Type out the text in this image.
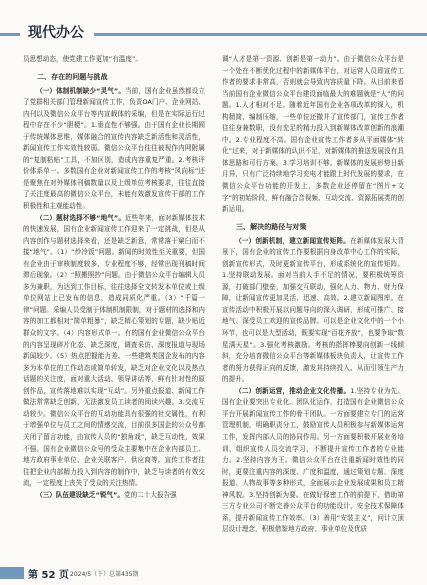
现代办公

员思想动态，使党建工作更加“有温度”。

二、存在的问题与挑战

（一）体制机制缺少“灵气”。当前，国有企业虽然都设立了党群相关部门管理新闻宣传工作，负责OA门户、企业网站、内刊以及微信公众平台等内宣载体的采编，但是在实际运行过程中存在不少“胆梗”。1.垂直性不够强。由于国有企业长期囿于传统媒体思维，媒体融合的宣传内容缺乏新活性和灵活性，新闻宣传工作实效性较弱。微信公众平台往往被视作内网附属的“复制粘贴”工具，不加区别，造成内容重复严重。2.考核评价体系单一。多数国有企业对新闻宣传工作的考核“风向标”还是聚焦在对外媒体刊稿数量以及上级单位考核要求，往往直接了关注度最高的微信公众平台，未能有效激发宣传干部的工作积极性和主观能动性。

（二）题材选择不够“地气”。近些年来，面对新媒体技术的快速发展，国有企业新闻宣传工作迎来了一定挑战，但是从内容创作与题材选择来看，还是缺乏新意，常常落于窠臼而不接“地气”。（1）“炒冷饭”问题。新闻的时效性至关重要，但国有企业由于审核制度较多、专业程度不够，经常出现刊稿时间滞后现象。（2）“照搬照抄”问题。由于微信公众平台编辑人员多为兼职，为达到工作目标，往往选择全文转发本单位或上级单位网站上已发布的信息，造成同质化严重。（3）“千篇一律”问题。采编人员受制于体制机制限制，对于题材的选择和内容的加工都相对“简单粗暴”，缺乏精心策划的专题，缺少贴近群众的文字。（4）内容形式单一。有的国有企业微信公众平台的内容呈现碎片化态、缺乏深度，调查采访、深度报道与现场新闻较少。（5）热点把握能力差。一些建筑类国企发布的内容多为本单位的工作动态或简单转发，缺乏对企业文化以及热点话题的关注度，面对重大活动、领导讲话等，鲜有针对性的原创作品，宣传落地难以实现“互动”。另外重点报道、新闻工作做法常常缺乏创新，无法激发员工读者的阅读兴趣。3.交流互动较少。微信公众平台的互动功能具有很强的社交属性，有利于增强单位与员工之间的情感交流，目前很多国企的公众号都关闭了留言功能，由宣传人员的“独角戏”，缺乏互动性，效果不强。国有企业微信公众号的受众主要集中在企业内部员工、地方政府事业单位、企业关联客户、供应商等。宣传工作者往往把企业内部精力投入到内容的制作中，缺乏与读者的有效交流，一定程度上丧失了受众的关注热情。

（三）队伍建设缺乏“锐气”。党的二十大报告强

调“人才是第一资源、创新是第一动力”。由于微信公众平台是一个处在不断优化过程中的新媒体平台，对运营人员即宣传工作者的要求非常高，否则就会导致内容质量下降。从目前来看当前国有企业微信公众平台建设面临最大的难题就是“人”的问题。1.人才相对不足。随着近年国有企业各项改革的深入，机构精简，编制压缩，一些单位还撤并了宣传部门，宣传工作者往往身兼数职，没有充足的精力投入到新媒体改革创新的浪潮中。2.专业程度不高。国有企业宣传工作者多从平面媒体“转化”过来，对于新媒体的认识不足，对新媒体的推送发展没有具体思路和可行方案。3.学习培训不够。新媒体的发展形势日新月异，只有广泛持续地学习充电才能跟上时代发展的要求，在微信公众平台功能的开发上，多数企业还停留在“图片+文字”的初始阶段，鲜有融合音视频、互动交流、资源拓展类的创新运用。

三、解决的路径与对策

（一）创新机制，建立新闻宣传矩阵。在新媒体发展大背景下，国有企业的宣传工作要根据自身改革中心工作的实际，创新宣传形式，及时更新宣传平台，形成系统化的宣传矩阵。1.坚持联动发展。面对当前人手不足的情况，要积极统筹资源，打破部门壁垒，加强交互联动，强化人力、物力、财力保障，让新闻宣传更加灵活、迅速、高效。2.建立新闻图库。在宣传活动中积极开展以问题导向的深入调研，形成可推广、接地气、深受员工欢迎的宣传品牌。可以是企业文化中的一个小环节，也可以是大型活动，既要实现“百花齐放”，也要争取“数星满天星”。3.强化考核激励。考核的指挥棒要向创新一线倾斜，充分培育微信公众平台等新媒体板块负责人，让宣传工作者的努力获得正向的反馈，激发其持续投入、从而引领生产力的提升。

（二）创新运营，推动企业文化传播。1.坚持专业为先。国有企业要突出专业化、团队化运作，打造国有企业微信公众平台开展新闻宣传工作的骨干团队。一方面要建立专门的运营管理机制，明确职责分工，鼓励宣传人员积极参与新媒体运营工作，发挥内部人员的协同作用。另一方面要积极开展业务培训，组织宣传人员交流学习，不断提升宣传工作者的专业能力。2.坚持内容为王。微信公众平台在注重新闻时效性的同时，更要注重内容的深度、广度和温度，通过策划专题、深度报道、人物故事等多种形式，全面展示企业发展成果和员工精神风貌。3.坚持创新为要。在做好保密工作的前提下，借助第三方专业公司不断完善公众平台的功能设计，安全技术保障体系，提升新闻宣传工作效率。（3）善用“安装主义”，问计立顶层设计理念，积极借鉴地方政府、事业单位及优质

第 52 页 2024/5（下）总第435期
